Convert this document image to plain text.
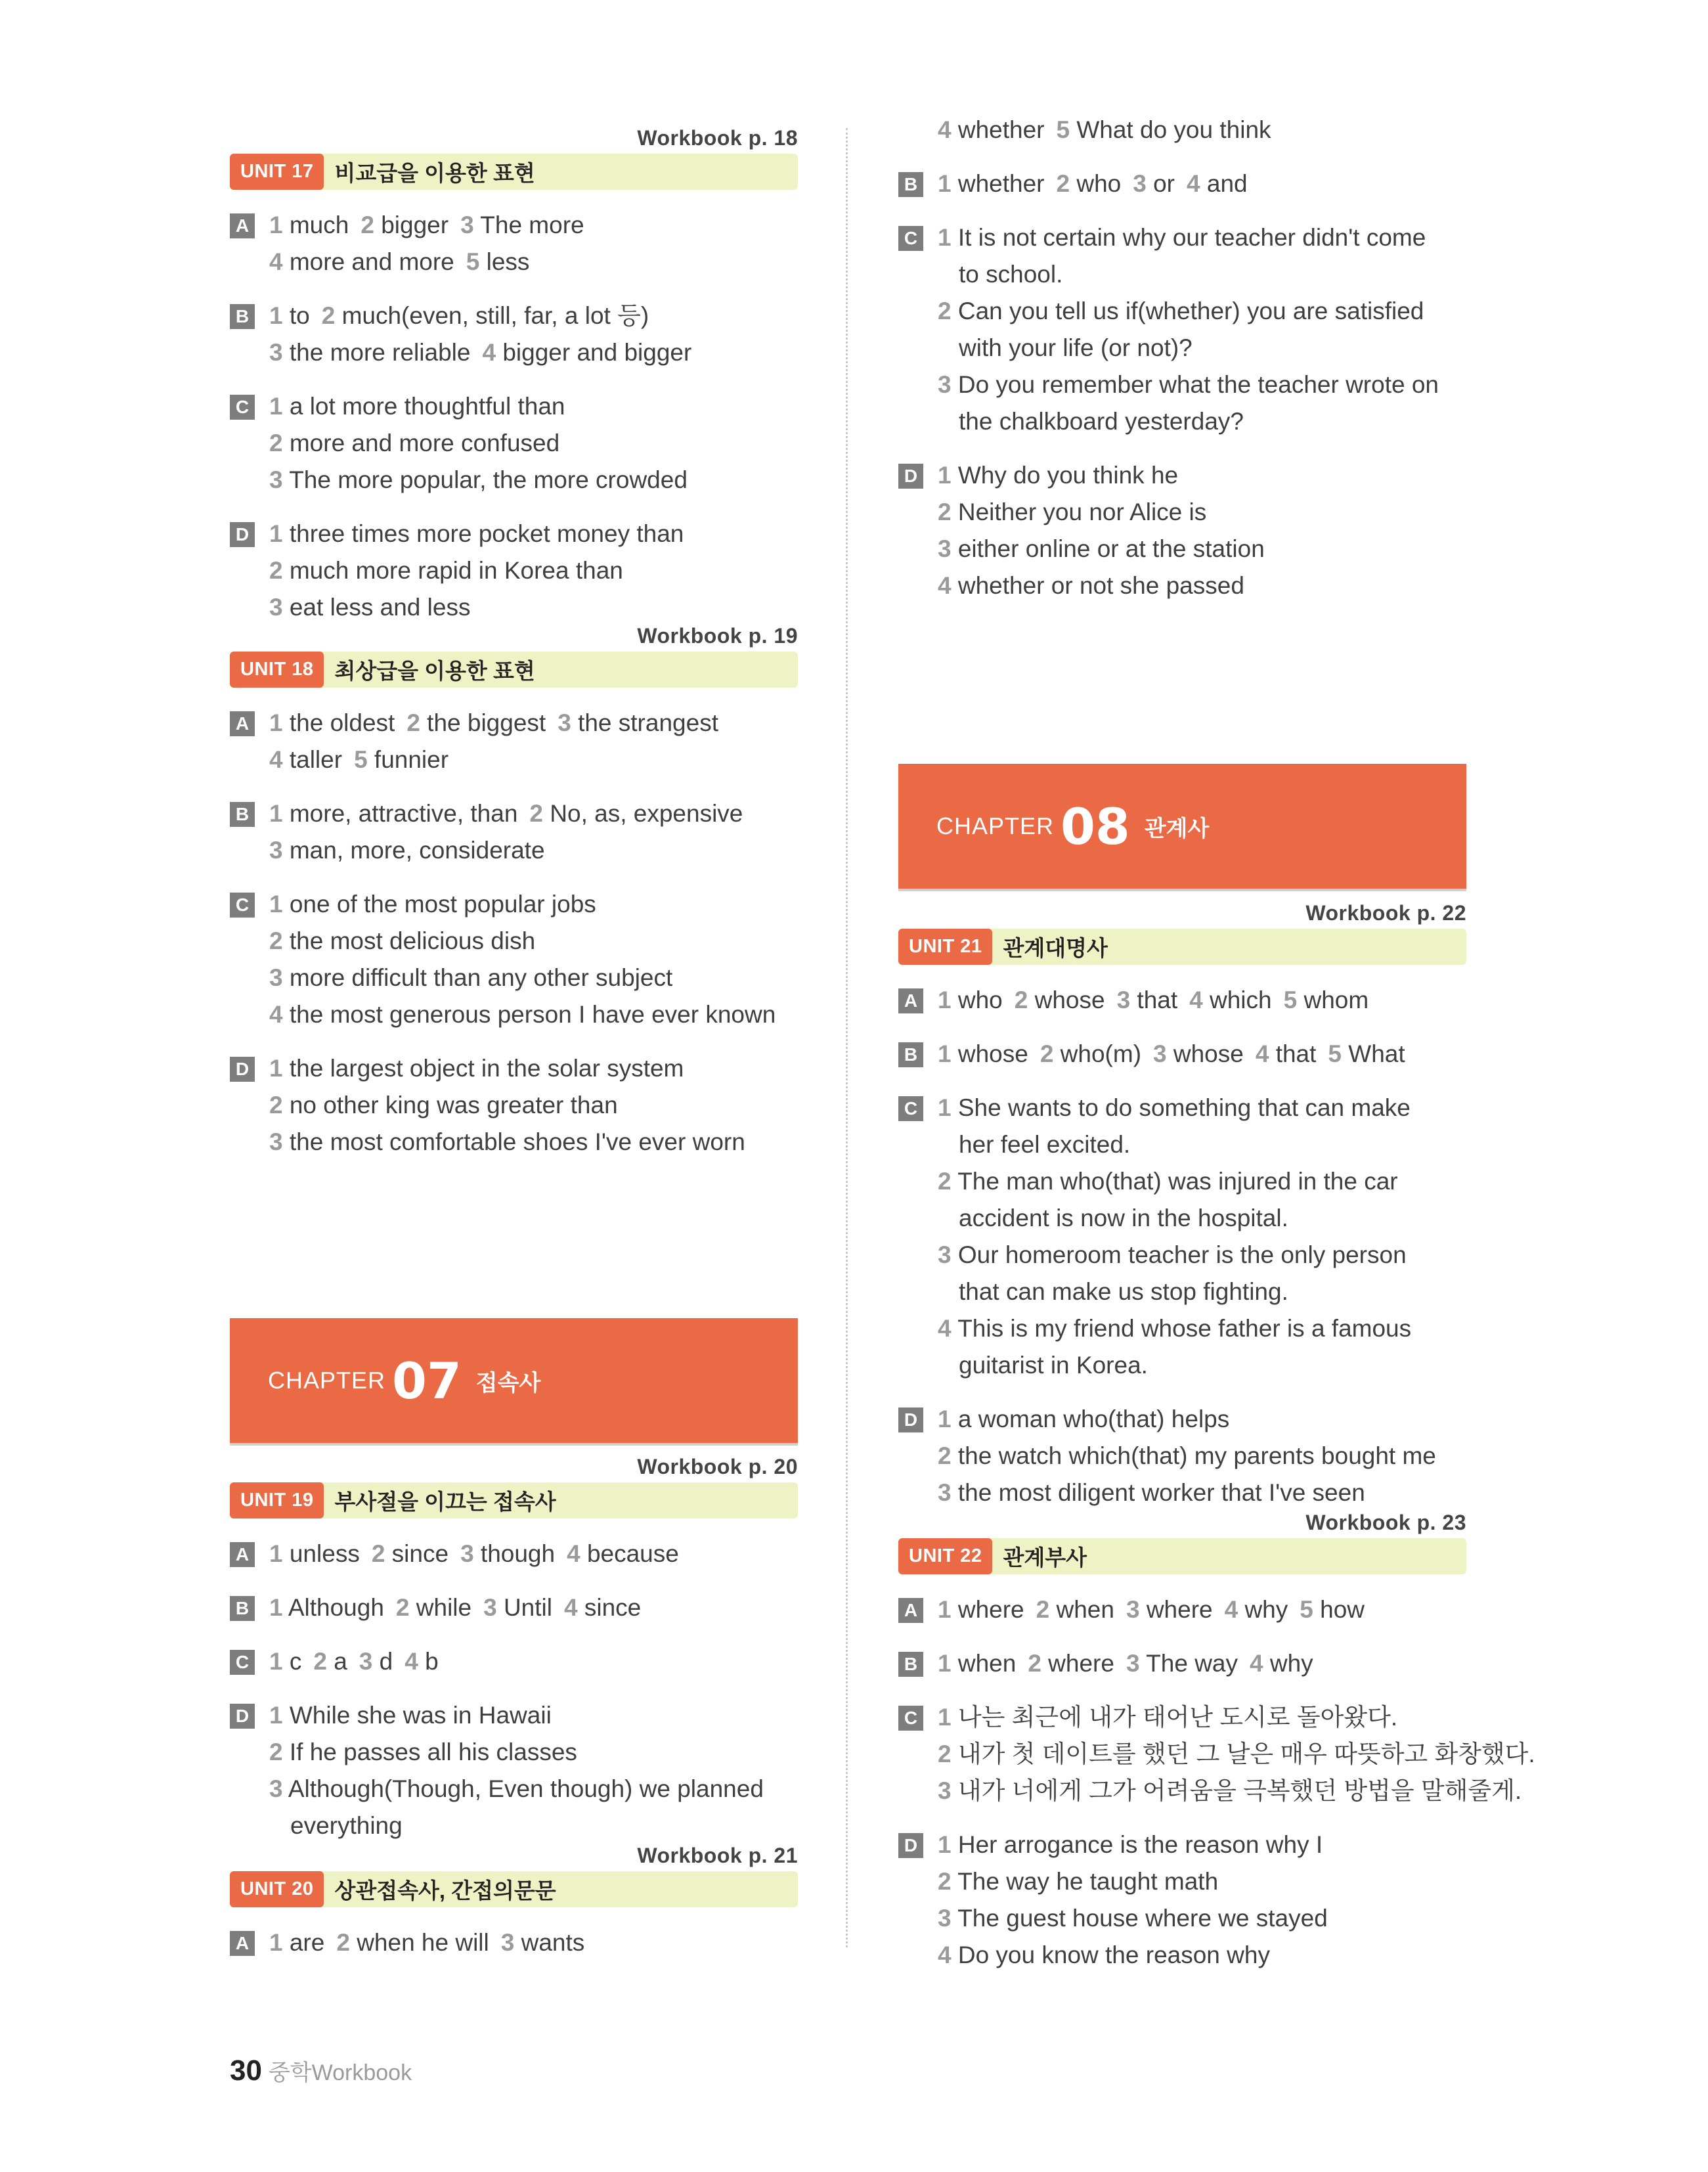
Workbook p. 18
UNIT 17 비교급을 이용한 표현
A 1 much 2 bigger 3 The more
4 more and more 5 less
B 1 to 2 much(even, still, far, a lot 등)
3 the more reliable 4 bigger and bigger
C 1 a lot more thoughtful than
2 more and more confused
3 The more popular, the more crowded
D 1 three times more pocket money than
2 much more rapid in Korea than
3 eat less and less
Workbook p. 19
UNIT 18 최상급을 이용한 표현
A 1 the oldest 2 the biggest 3 the strangest
4 taller 5 funnier
B 1 more, attractive, than 2 No, as, expensive
3 man, more, considerate
C 1 one of the most popular jobs
2 the most delicious dish
3 more difficult than any other subject
4 the most generous person I have ever known
D 1 the largest object in the solar system
2 no other king was greater than
3 the most comfortable shoes I've ever worn
CHAPTER 07 접속사
Workbook p. 20
UNIT 19 부사절을 이끄는 접속사
A 1 unless 2 since 3 though 4 because
B 1 Although 2 while 3 Until 4 since
C 1 c 2 a 3 d 4 b
D 1 While she was in Hawaii
2 If he passes all his classes
3 Although(Though, Even though) we planned
everything
Workbook p. 21
UNIT 20 상관접속사, 간접의문문
A 1 are 2 when he will 3 wants
4 whether 5 What do you think
B 1 whether 2 who 3 or 4 and
C 1 It is not certain why our teacher didn't come
to school.
2 Can you tell us if(whether) you are satisfied
with your life (or not)?
3 Do you remember what the teacher wrote on
the chalkboard yesterday?
D 1 Why do you think he
2 Neither you nor Alice is
3 either online or at the station
4 whether or not she passed
CHAPTER 08 관계사
Workbook p. 22
UNIT 21 관계대명사
A 1 who 2 whose 3 that 4 which 5 whom
B 1 whose 2 who(m) 3 whose 4 that 5 What
C 1 She wants to do something that can make
her feel excited.
2 The man who(that) was injured in the car
accident is now in the hospital.
3 Our homeroom teacher is the only person
that can make us stop fighting.
4 This is my friend whose father is a famous
guitarist in Korea.
D 1 a woman who(that) helps
2 the watch which(that) my parents bought me
3 the most diligent worker that I've seen
Workbook p. 23
UNIT 22 관계부사
A 1 where 2 when 3 where 4 why 5 how
B 1 when 2 where 3 The way 4 why
C 1 나는 최근에 내가 태어난 도시로 돌아왔다.
2 내가 첫 데이트를 했던 그 날은 매우 따뜻하고 화창했다.
3 내가 너에게 그가 어려움을 극복했던 방법을 말해줄게.
D 1 Her arrogance is the reason why I
2 The way he taught math
3 The guest house where we stayed
4 Do you know the reason why
30 중학Workbook
